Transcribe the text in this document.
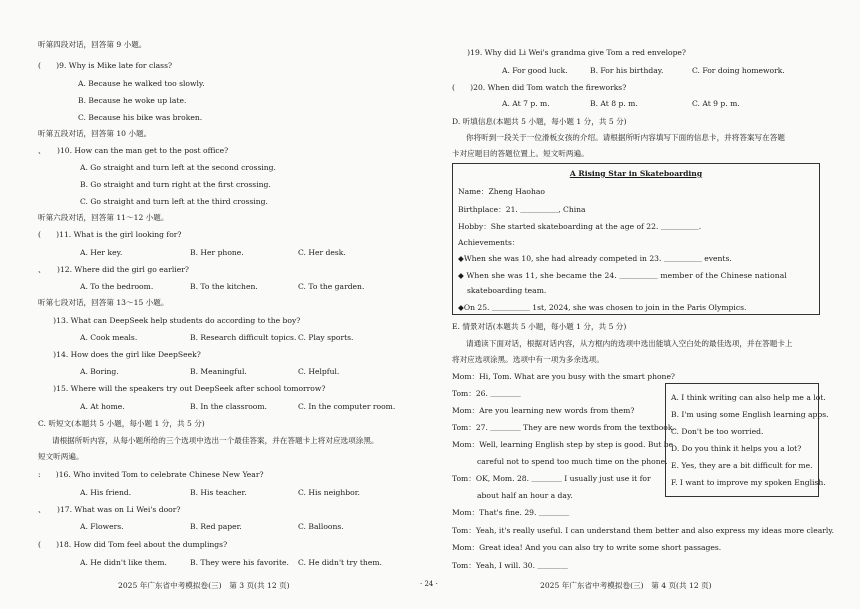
听第四段对话，回答第 9 小题。
(　　)9. Why is Mike late for class?
A. Because he walked too slowly.
B. Because he woke up late.
C. Because his bike was broken.
听第五段对话，回答第 10 小题。
、　　)10. How can the man get to the post office?
A. Go straight and turn left at the second crossing.
B. Go straight and turn right at the first crossing.
C. Go straight and turn left at the third crossing.
听第六段对话，回答第 11～12 小题。
(　　)11. What is the girl looking for?
A. Her key.	B. Her phone.	C. Her desk.
、　　)12. Where did the girl go earlier?
A. To the bedroom.	B. To the kitchen.	C. To the garden.
听第七段对话，回答第 13～15 小题。
　　)13. What can DeepSeek help students do according to the boy?
A. Cook meals.	B. Research difficult topics. C. Play sports.
　　)14. How does the girl like DeepSeek?
A. Boring.	B. Meaningful.	C. Helpful.
　　)15. Where will the speakers try out DeepSeek after school tomorrow?
A. At home.	B. In the classroom.	C. In the computer room.
C. 听短文(本题共 5 小题，每小题 1 分，共 5 分)
请根据所听内容，从每小题所给的三个选项中选出一个最佳答案，并在答题卡上将对应选项涂黑。
短文听两遍。
:　　)16. Who invited Tom to celebrate Chinese New Year?
A. His friend.	B. His teacher.	C. His neighbor.
、　　)17. What was on Li Wei's door?
A. Flowers.	B. Red paper.	C. Balloons.
(　　)18. How did Tom feel about the dumplings?
A. He didn't like them.	B. They were his favorite. C. He didn't try them.
2025 年广东省中考模拟卷(三)　第 3 页(共 12 页)	· 24 ·
　　)19. Why did Li Wei's grandma give Tom a red envelope?
A. For good luck.	B. For his birthday.	C. For doing homework.
(　　)20. When did Tom watch the fireworks?
A. At 7 p. m.	B. At 8 p. m.	C. At 9 p. m.
D. 听填信息(本题共 5 小题，每小题 1 分，共 5 分)
你将听到一段关于一位滑板女孩的介绍。请根据所听内容填写下面的信息卡，并将答案写在答题
卡对应题目的答题位置上。短文听两遍。
A Rising Star in Skateboarding
Name：Zheng Haohao
Birthplace：21. ＿＿＿＿＿, China
Hobby：She started skateboarding at the age of 22. ＿＿＿＿＿.
Achievements：
◆When she was 10, she had already competed in 23. ＿＿＿＿＿ events.
◆ When she was 11, she became the 24. ＿＿＿＿＿ member of the Chinese national
skateboarding team.
◆On 25. ＿＿＿＿＿ 1st, 2024, she was chosen to join in the Paris Olympics.
E. 情景对话(本题共 5 小题，每小题 1 分，共 5 分)
请通读下面对话，根据对话内容，从方框内的选项中选出能填入空白处的最佳选项，并在答题卡上
将对应选项涂黑。选项中有一项为多余选项。
Mom：Hi, Tom. What are you busy with the smart phone?
Tom：26. ＿＿＿＿
Mom：Are you learning new words from them?
Tom：27. ＿＿＿＿ They are new words from the textbook.
Mom：Well, learning English step by step is good. But be
careful not to spend too much time on the phone.
Tom：OK, Mom. 28. ＿＿＿＿ I usually just use it for
about half an hour a day.
Mom：That's fine. 29. ＿＿＿＿
Tom：Yeah, it's really useful. I can understand them better and also express my ideas more clearly.
Mom：Great idea! And you can also try to write some short passages.
Tom：Yeah, I will. 30. ＿＿＿＿
A. I think writing can also help me a lot.
B. I'm using some English learning apps.
C. Don't be too worried.
D. Do you think it helps you a lot?
E. Yes, they are a bit difficult for me.
F. I want to improve my spoken English.
2025 年广东省中考模拟卷(三)　第 4 页(共 12 页)
